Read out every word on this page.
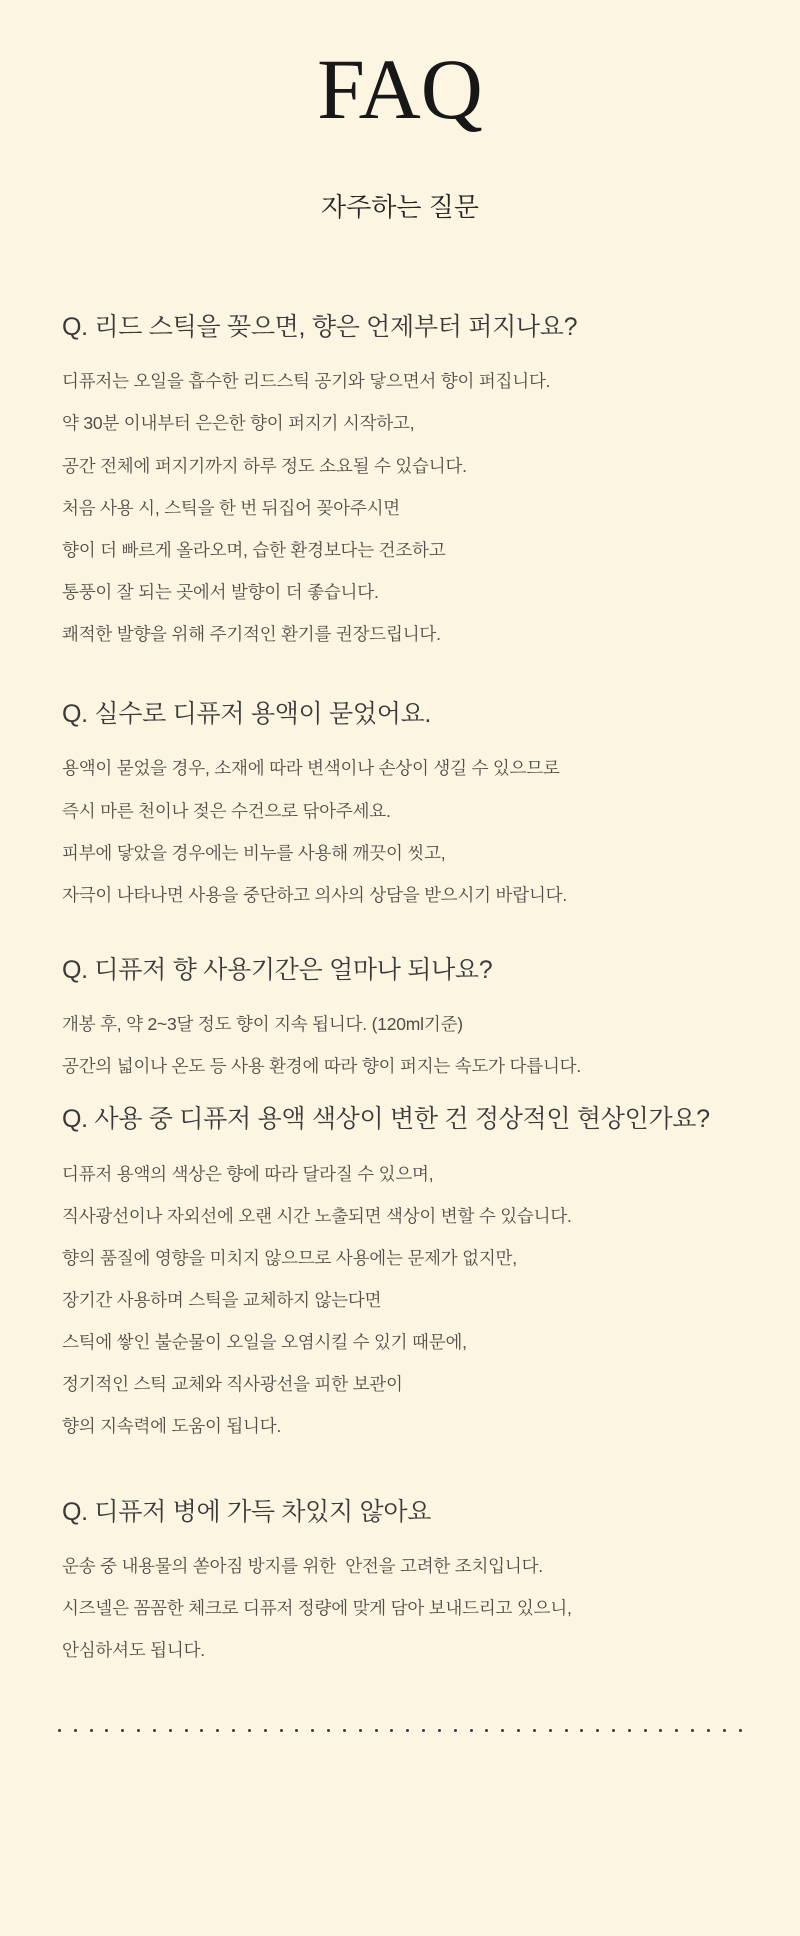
FAQ
자주하는 질문
Q. 리드 스틱을 꽂으면, 향은 언제부터 퍼지나요?

디퓨저는 오일을 흡수한 리드스틱 공기와 닿으면서 향이 퍼집니다.

약 30분 이내부터 은은한 향이 퍼지기 시작하고,

공간 전체에 퍼지기까지 하루 정도 소요될 수 있습니다.

처음 사용 시, 스틱을 한 번 뒤집어 꽂아주시면

향이 더 빠르게 올라오며, 습한 환경보다는 건조하고

통풍이 잘 되는 곳에서 발향이 더 좋습니다.

쾌적한 발향을 위해 주기적인 환기를 권장드립니다.

Q. 실수로 디퓨저 용액이 묻었어요.

용액이 묻었을 경우, 소재에 따라 변색이나 손상이 생길 수 있으므로

즉시 마른 천이나 젖은 수건으로 닦아주세요.

피부에 닿았을 경우에는 비누를 사용해 깨끗이 씻고,

자극이 나타나면 사용을 중단하고 의사의 상담을 받으시기 바랍니다.

Q. 디퓨저 향 사용기간은 얼마나 되나요?

개봉 후, 약 2~3달 정도 향이 지속 됩니다. (120ml기준)

공간의 넓이나 온도 등 사용 환경에 따라 향이 퍼지는 속도가 다릅니다.

Q. 사용 중 디퓨저 용액 색상이 변한 건 정상적인 현상인가요?

디퓨저 용액의 색상은 향에 따라 달라질 수 있으며,

직사광선이나 자외선에 오랜 시간 노출되면 색상이 변할 수 있습니다.

향의 품질에 영향을 미치지 않으므로 사용에는 문제가 없지만,

장기간 사용하며 스틱을 교체하지 않는다면

스틱에 쌓인 불순물이 오일을 오염시킬 수 있기 때문에,

정기적인 스틱 교체와 직사광선을 피한 보관이

향의 지속력에 도움이 됩니다.

Q. 디퓨저 병에 가득 차있지 않아요

운송 중 내용물의 쏟아짐 방지를 위한  안전을 고려한 조치입니다.

시즈넬은 꼼꼼한 체크로 디퓨저 정량에 맞게 담아 보내드리고 있으니,

안심하셔도 됩니다.
